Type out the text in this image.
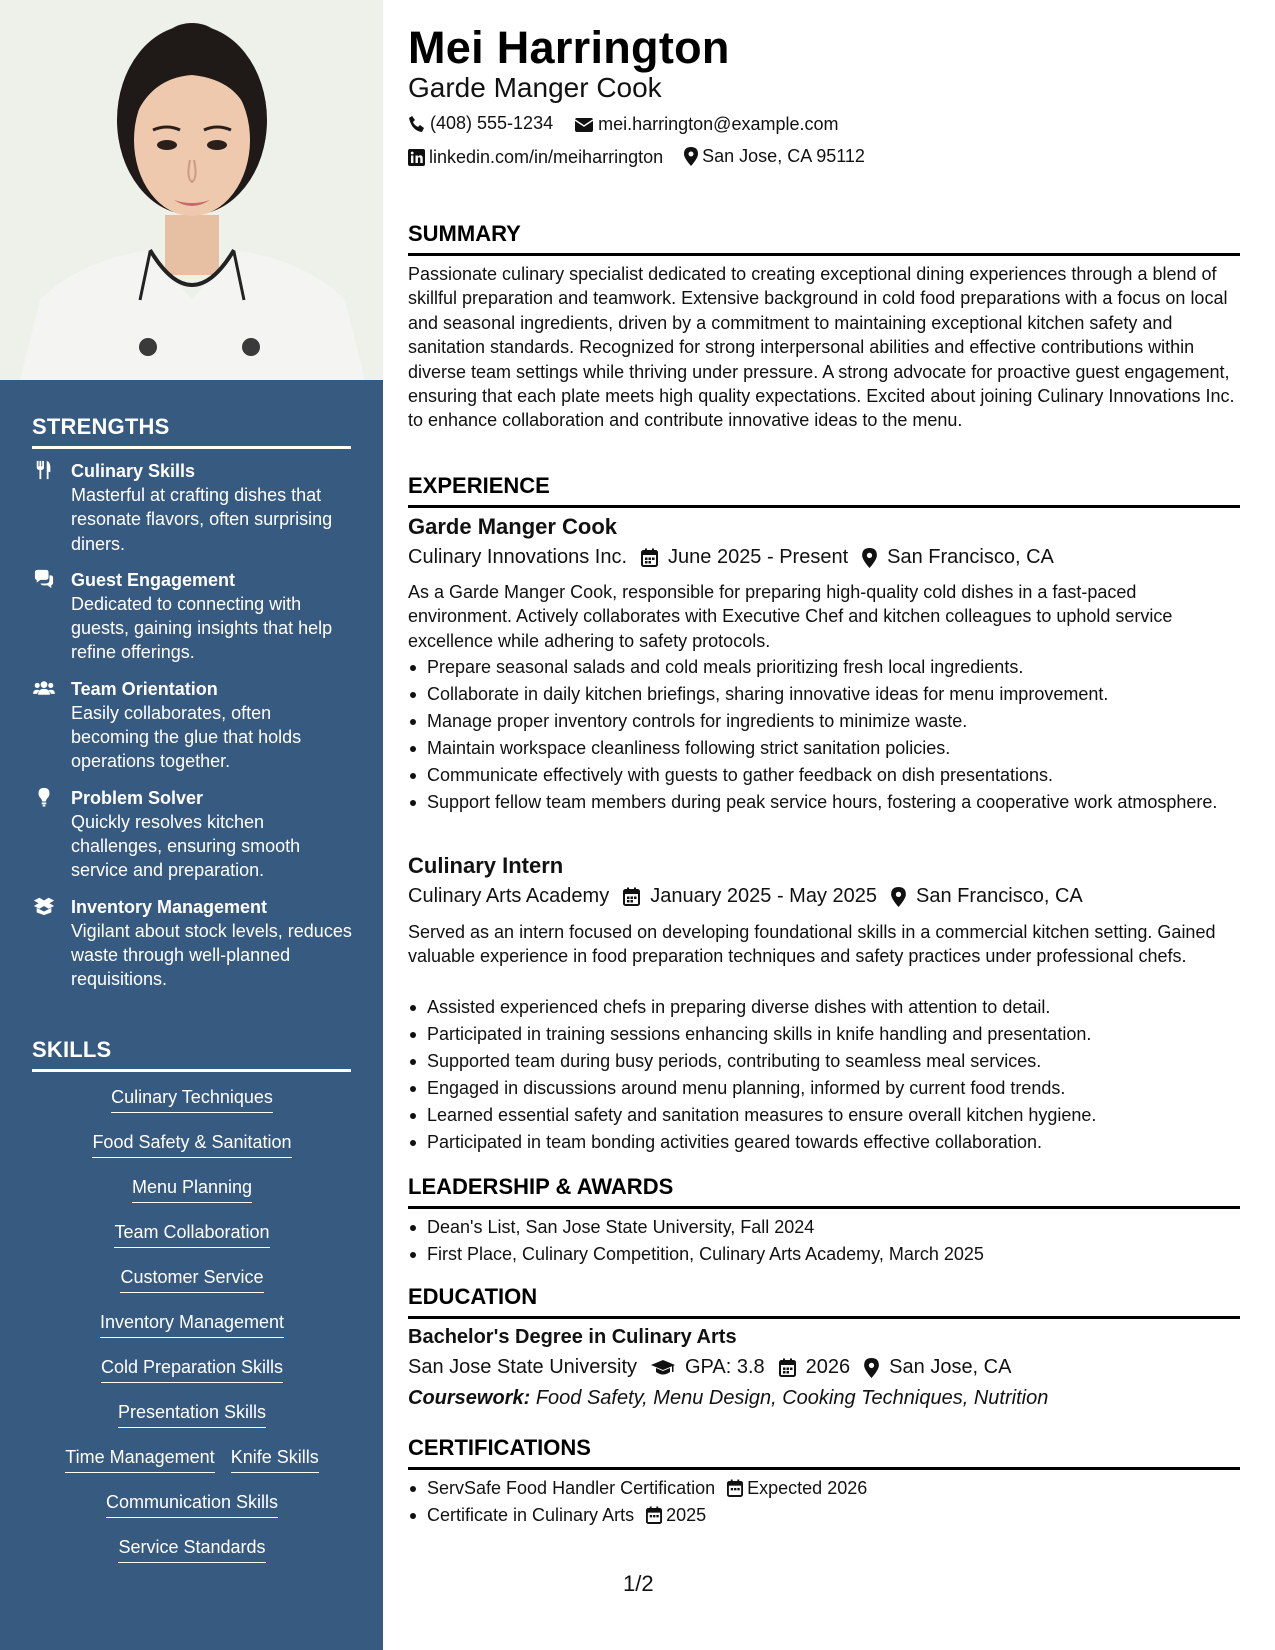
STRENGTHS
Culinary Skills
Masterful at crafting dishes that resonate flavors, often surprising diners.
Guest Engagement
Dedicated to connecting with guests, gaining insights that help refine offerings.
Team Orientation
Easily collaborates, often becoming the glue that holds operations together.
Problem Solver
Quickly resolves kitchen challenges, ensuring smooth service and preparation.
Inventory Management
Vigilant about stock levels, reduces waste through well-planned requisitions.
SKILLS
Culinary Techniques
Food Safety & Sanitation
Menu Planning
Team Collaboration
Customer Service
Inventory Management
Cold Preparation Skills
Presentation Skills
Time Management Knife Skills
Communication Skills
Service Standards
Mei Harrington
Garde Manger Cook
(408) 555-1234
	mei.harrington@example.com
linkedin.com/in/meiharrington
San Jose, CA 95112
SUMMARY
Passionate culinary specialist dedicated to creating exceptional dining experiences through a blend of skillful preparation and teamwork. Extensive background in cold food preparations with a focus on local and seasonal ingredients, driven by a commitment to maintaining exceptional kitchen safety and sanitation standards. Recognized for strong interpersonal abilities and effective contributions within diverse team settings while thriving under pressure. A strong advocate for proactive guest engagement, ensuring that each plate meets high quality expectations. Excited about joining Culinary Innovations Inc. to enhance collaboration and contribute innovative ideas to the menu.
EXPERIENCE
Garde Manger Cook
Culinary Innovations Inc. June 2025 - Present San Francisco, CA
As a Garde Manger Cook, responsible for preparing high-quality cold dishes in a fast-paced environment. Actively collaborates with Executive Chef and kitchen colleagues to uphold service excellence while adhering to safety protocols.
Prepare seasonal salads and cold meals prioritizing fresh local ingredients.
Collaborate in daily kitchen briefings, sharing innovative ideas for menu improvement.
Manage proper inventory controls for ingredients to minimize waste.
Maintain workspace cleanliness following strict sanitation policies.
Communicate effectively with guests to gather feedback on dish presentations.
Support fellow team members during peak service hours, fostering a cooperative work atmosphere.
Culinary Intern
Culinary Arts Academy January 2025 - May 2025 San Francisco, CA
Served as an intern focused on developing foundational skills in a commercial kitchen setting. Gained valuable experience in food preparation techniques and safety practices under professional chefs.
Assisted experienced chefs in preparing diverse dishes with attention to detail.
Participated in training sessions enhancing skills in knife handling and presentation.
Supported team during busy periods, contributing to seamless meal services.
Engaged in discussions around menu planning, informed by current food trends.
Learned essential safety and sanitation measures to ensure overall kitchen hygiene.
Participated in team bonding activities geared towards effective collaboration.
LEADERSHIP & AWARDS
Dean's List, San Jose State University, Fall 2024
First Place, Culinary Competition, Culinary Arts Academy, March 2025
EDUCATION
Bachelor's Degree in Culinary Arts
San Jose State University GPA: 3.8 2026 San Jose, CA
Coursework: Food Safety, Menu Design, Cooking Techniques, Nutrition
CERTIFICATIONS
ServSafe Food Handler Certification Expected 2026
Certificate in Culinary Arts 2025
1/2
